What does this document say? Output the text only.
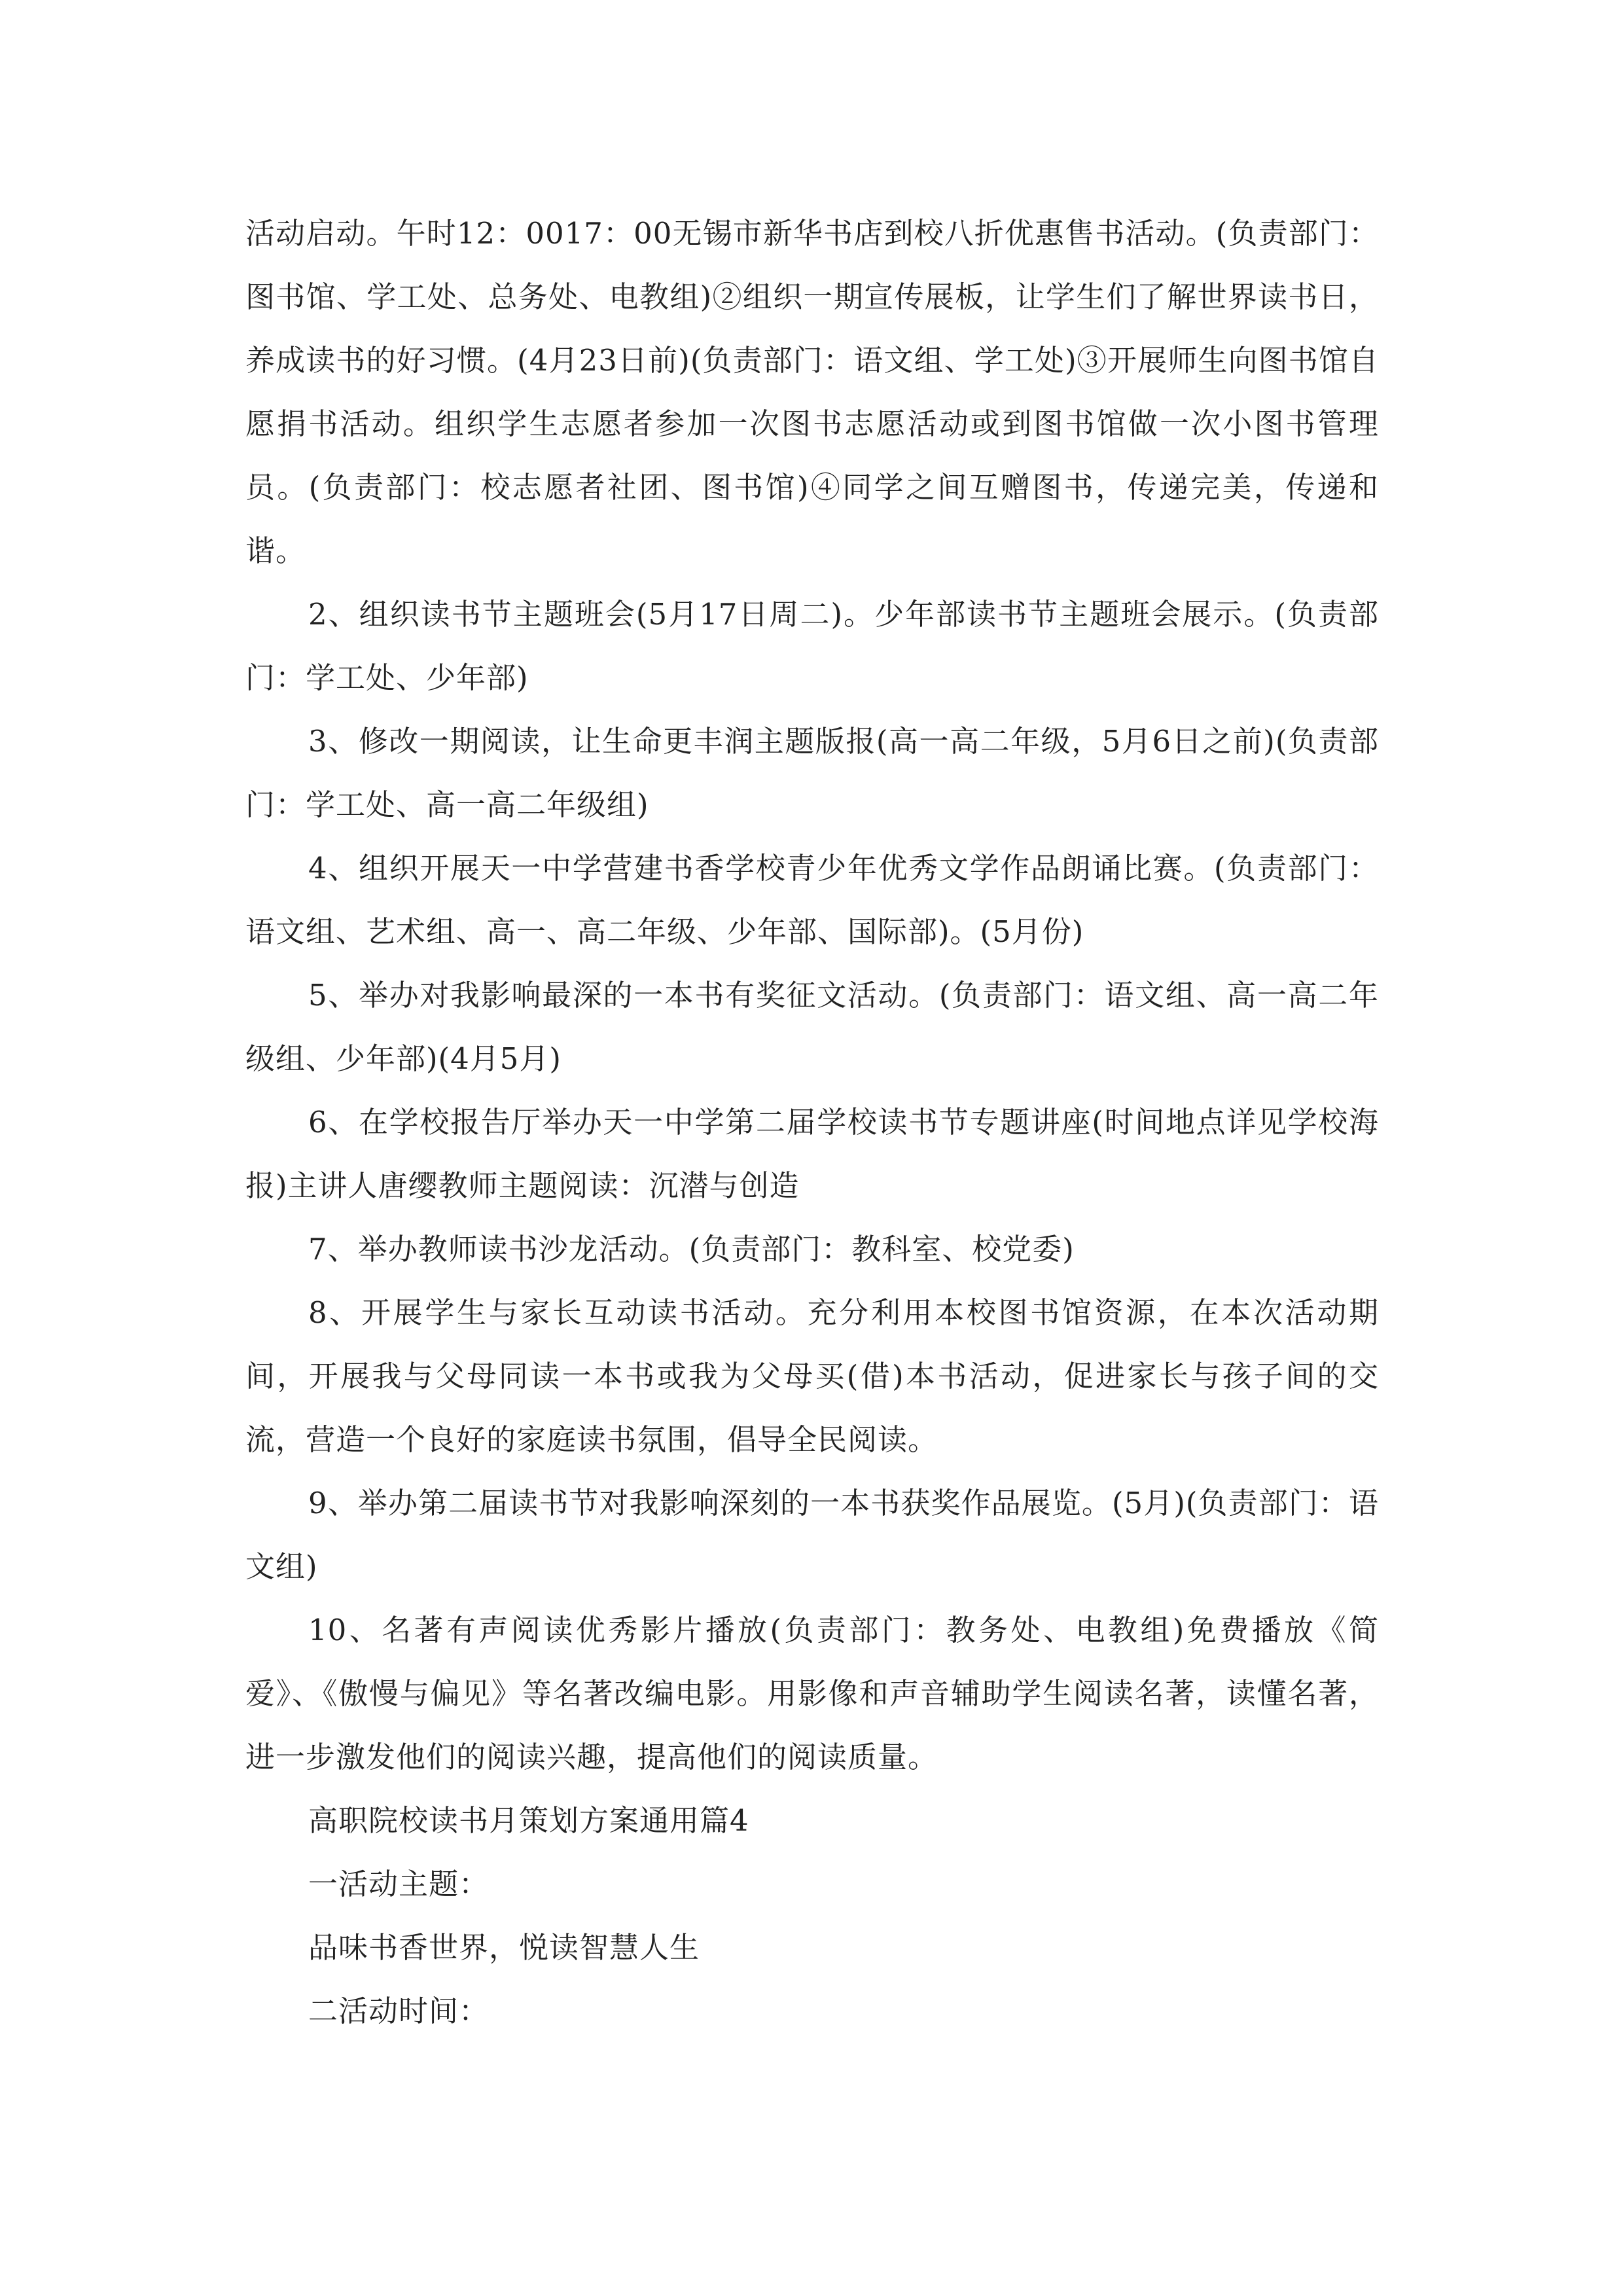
活动启动。午时12：0017：00无锡市新华书店到校八折优惠售书活动。(负责部门：图书馆、学工处、总务处、电教组)②组织一期宣传展板，让学生们了解世界读书日，养成读书的好习惯。(4月23日前)(负责部门：语文组、学工处)③开展师生向图书馆自愿捐书活动。组织学生志愿者参加一次图书志愿活动或到图书馆做一次小图书管理员。(负责部门：校志愿者社团、图书馆)④同学之间互赠图书，传递完美，传递和谐。

2、组织读书节主题班会(5月17日周二)。少年部读书节主题班会展示。(负责部门：学工处、少年部)

3、修改一期阅读，让生命更丰润主题版报(高一高二年级，5月6日之前)(负责部门：学工处、高一高二年级组)

4、组织开展天一中学营建书香学校青少年优秀文学作品朗诵比赛。(负责部门：语文组、艺术组、高一、高二年级、少年部、国际部)。(5月份)

5、举办对我影响最深的一本书有奖征文活动。(负责部门：语文组、高一高二年级组、少年部)(4月5月)

6、在学校报告厅举办天一中学第二届学校读书节专题讲座(时间地点详见学校海报)主讲人唐缨教师主题阅读：沉潜与创造

7、举办教师读书沙龙活动。(负责部门：教科室、校党委)

8、开展学生与家长互动读书活动。充分利用本校图书馆资源，在本次活动期间，开展我与父母同读一本书或我为父母买(借)本书活动，促进家长与孩子间的交流，营造一个良好的家庭读书氛围，倡导全民阅读。

9、举办第二届读书节对我影响深刻的一本书获奖作品展览。(5月)(负责部门：语文组)

10、名著有声阅读优秀影片播放(负责部门：教务处、电教组)免费播放《简爱》、《傲慢与偏见》等名著改编电影。用影像和声音辅助学生阅读名著，读懂名著，进一步激发他们的阅读兴趣，提高他们的阅读质量。

高职院校读书月策划方案通用篇4

一活动主题：

品味书香世界，悦读智慧人生

二活动时间：
